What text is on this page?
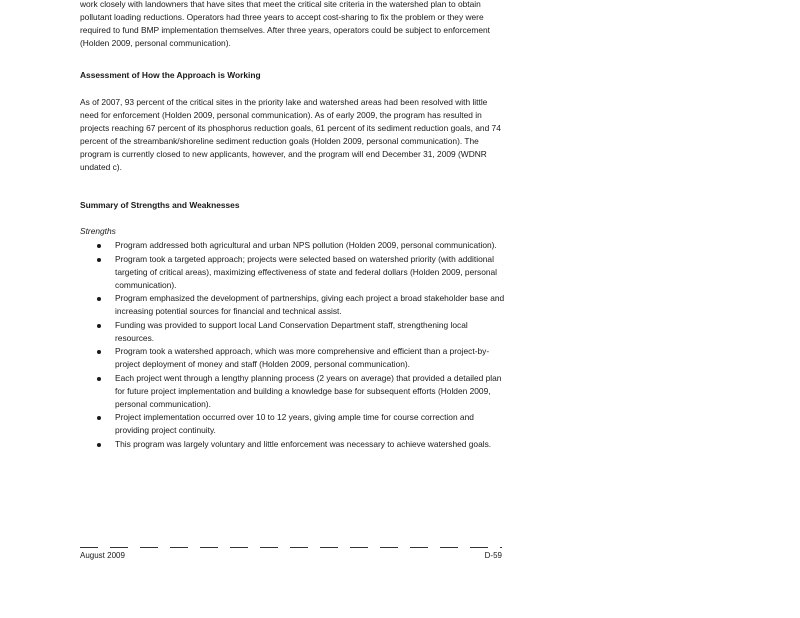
work closely with landowners that have sites that meet the critical site criteria in the watershed plan to obtain pollutant loading reductions. Operators had three years to accept cost-sharing to fix the problem or they were required to fund BMP implementation themselves. After three years, operators could be subject to enforcement (Holden 2009, personal communication).

Assessment of How the Approach is Working

As of 2007, 93 percent of the critical sites in the priority lake and watershed areas had been resolved with little need for enforcement (Holden 2009, personal communication). As of early 2009, the program has resulted in projects reaching 67 percent of its phosphorus reduction goals, 61 percent of its sediment reduction goals, and 74 percent of the streambank/shoreline sediment reduction goals (Holden 2009, personal communication). The program is currently closed to new applicants, however, and the program will end December 31, 2009 (WDNR undated c).

Summary of Strengths and Weaknesses

Strengths

Program addressed both agricultural and urban NPS pollution (Holden 2009, personal communication).
Program took a targeted approach; projects were selected based on watershed priority (with additional targeting of critical areas), maximizing effectiveness of state and federal dollars (Holden 2009, personal communication).
Program emphasized the development of partnerships, giving each project a broad stakeholder base and increasing potential sources for financial and technical assist.
Funding was provided to support local Land Conservation Department staff, strengthening local resources.
Program took a watershed approach, which was more comprehensive and efficient than a project-by-project deployment of money and staff (Holden 2009, personal communication).
Each project went through a lengthy planning process (2 years on average) that provided a detailed plan for future project implementation and building a knowledge base for subsequent efforts (Holden 2009, personal communication).
Project implementation occurred over 10 to 12 years, giving ample time for course correction and providing project continuity.
This program was largely voluntary and little enforcement was necessary to achieve watershed goals.

August 2009	D-59
